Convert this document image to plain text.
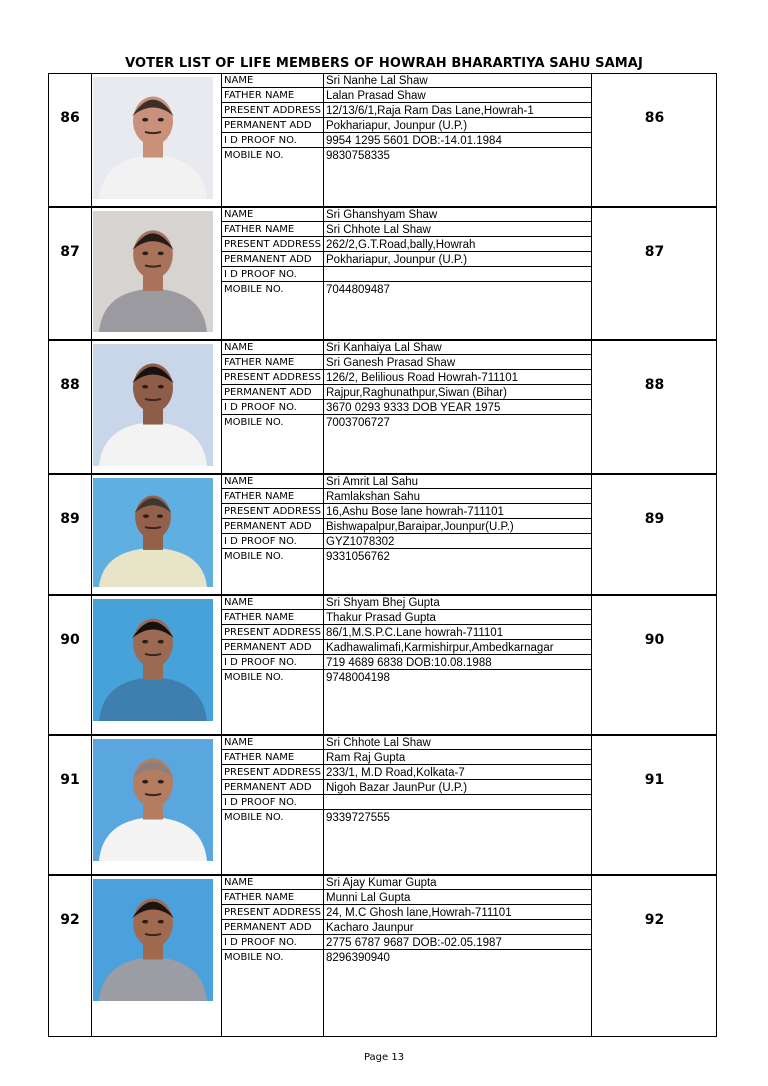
VOTER LIST OF LIFE MEMBERS OF HOWRAH BHARARTIYA SAHU SAMAJ
86	86
NAME	Sri Nanhe Lal Shaw
FATHER NAME	Lalan Prasad Shaw
PRESENT ADDRESS 12/13/6/1,Raja Ram Das Lane,Howrah-1
PERMANENT ADD Pokhariapur, Jounpur (U.P.)
I D PROOF NO.	9954 1295 5601 DOB:-14.01.1984
MOBILE NO.	9830758335
87	87
NAME	Sri Ghanshyam Shaw
FATHER NAME	Sri Chhote Lal Shaw
PRESENT ADDRESS 262/2,G.T.Road,bally,Howrah
PERMANENT ADD Pokhariapur, Jounpur (U.P.)
I D PROOF NO.
MOBILE NO.	7044809487
88	88
NAME	Sri Kanhaiya Lal Shaw
FATHER NAME	Sri Ganesh Prasad Shaw
PRESENT ADDRESS 126/2, Belilious Road Howrah-711101
PERMANENT ADD Rajpur,Raghunathpur,Siwan (Bihar)
I D PROOF NO.	3670 0293 9333 DOB YEAR 1975
MOBILE NO.	7003706727
89	89
NAME	Sri Amrit Lal Sahu
FATHER NAME	Ramlakshan Sahu
PRESENT ADDRESS 16,Ashu Bose lane howrah-711101
PERMANENT ADD Bishwapalpur,Baraipar,Jounpur(U.P.)
I D PROOF NO.	GYZ1078302
MOBILE NO.	9331056762
90	90
NAME	Sri Shyam Bhej Gupta
FATHER NAME	Thakur Prasad Gupta
PRESENT ADDRESS 86/1,M.S.P.C.Lane howrah-711101
PERMANENT ADD Kadhawalimafi,Karmishirpur,Ambedkarnagar
I D PROOF NO.	719 4689 6838 DOB:10.08.1988
MOBILE NO.	9748004198
91	91
NAME	Sri Chhote Lal Shaw
FATHER NAME	Ram Raj Gupta
PRESENT ADDRESS 233/1, M.D Road,Kolkata-7
PERMANENT ADD Nigoh Bazar JaunPur (U.P.)
I D PROOF NO.
MOBILE NO.	9339727555
92	92
NAME	Sri Ajay Kumar Gupta
FATHER NAME	Munni Lal Gupta
PRESENT ADDRESS 24, M.C Ghosh lane,Howrah-711101
PERMANENT ADD Kacharo Jaunpur
I D PROOF NO.	2775 6787 9687 DOB:-02.05.1987
MOBILE NO.	8296390940
Page 13
